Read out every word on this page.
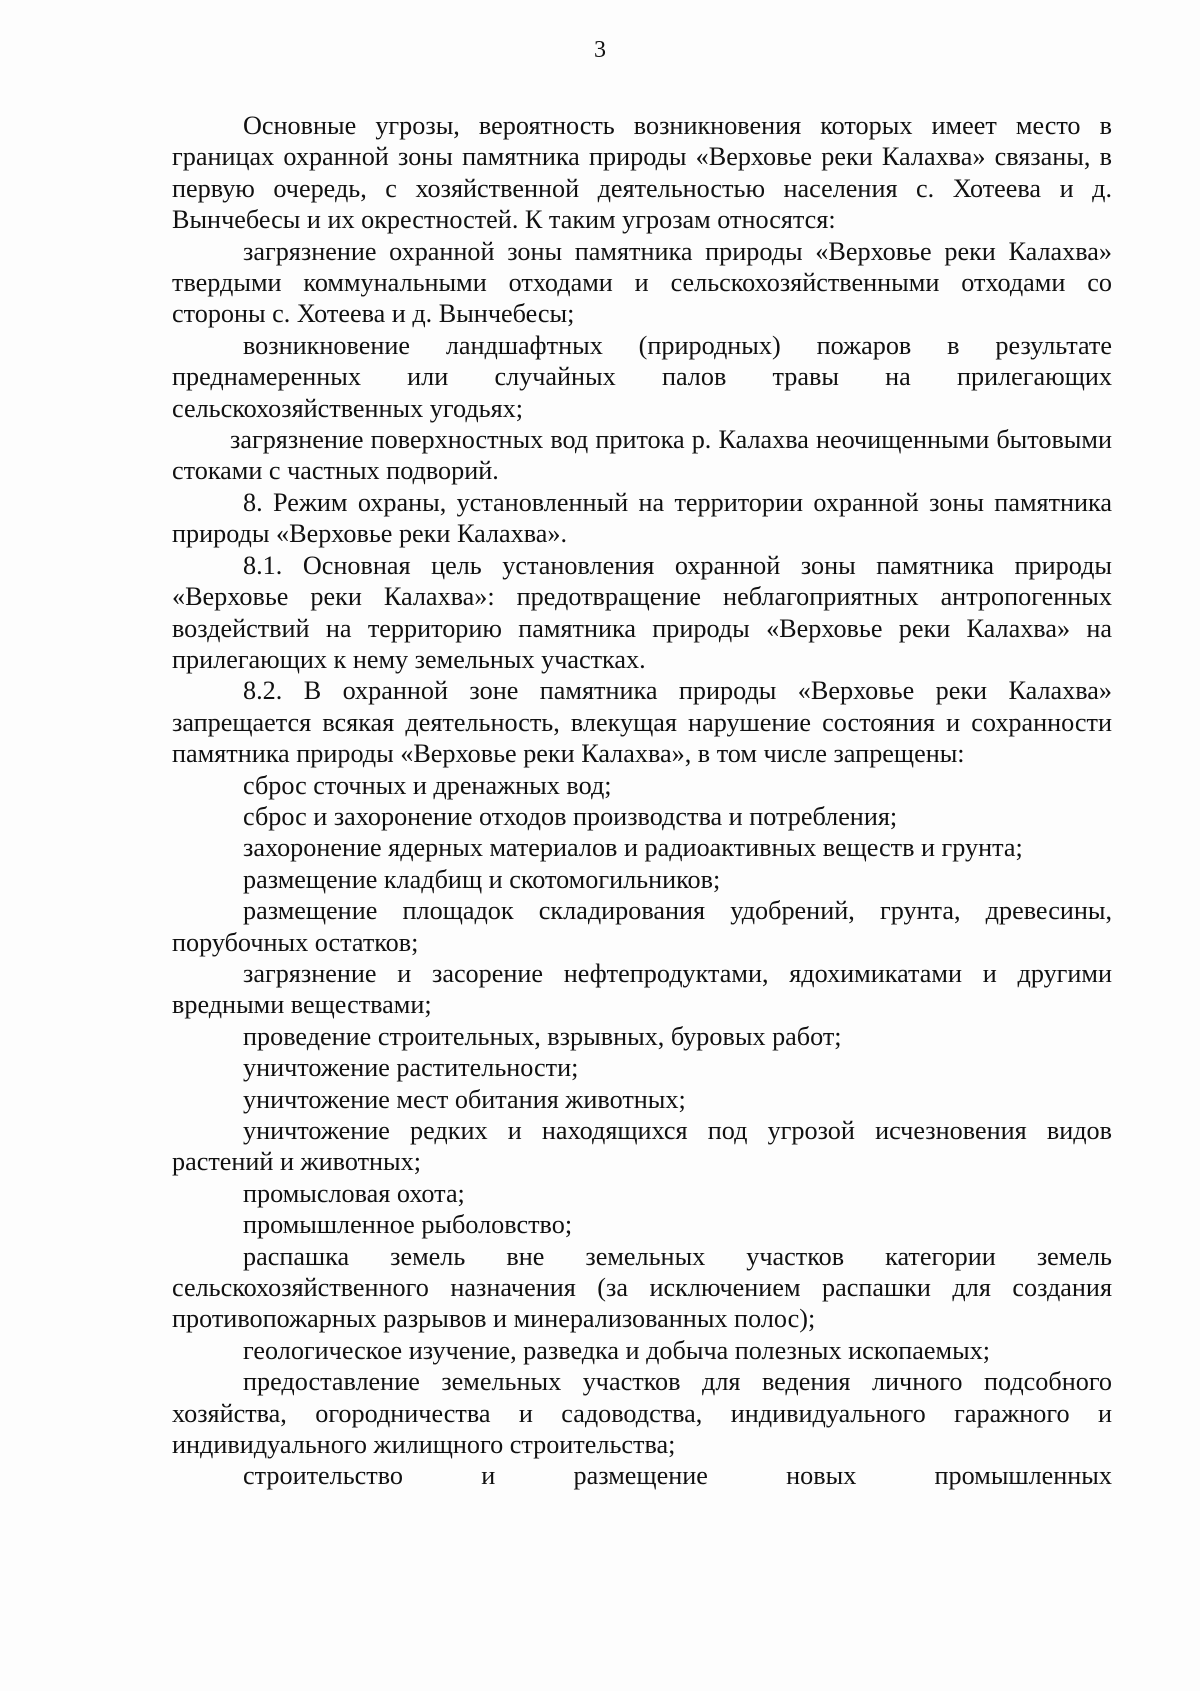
3

Основные угрозы, вероятность возникновения которых имеет место в границах охранной зоны памятника природы «Верховье реки Калахва» связаны, в первую очередь, с хозяйственной деятельностью населения с. Хотеева и д. Вынчебесы и их окрестностей. К таким угрозам относятся:

загрязнение охранной зоны памятника природы «Верховье реки Калахва» твердыми коммунальными отходами и сельскохозяйственными отходами со стороны с. Хотеева и д. Вынчебесы;

возникновение ландшафтных (природных) пожаров в результате преднамеренных или случайных палов травы на прилегающих сельскохозяйственных угодьях;

загрязнение поверхностных вод притока р. Калахва неочищенными бытовыми стоками с частных подворий.

8. Режим охраны, установленный на территории охранной зоны памятника природы «Верховье реки Калахва».

8.1. Основная цель установления охранной зоны памятника природы «Верховье реки Калахва»: предотвращение неблагоприятных антропогенных воздействий на территорию памятника природы «Верховье реки Калахва» на прилегающих к нему земельных участках.

8.2. В охранной зоне памятника природы «Верховье реки Калахва» запрещается всякая деятельность, влекущая нарушение состояния и сохранности памятника природы «Верховье реки Калахва», в том числе запрещены:

сброс сточных и дренажных вод;

сброс и захоронение отходов производства и потребления;

захоронение ядерных материалов и радиоактивных веществ и грунта;

размещение кладбищ и скотомогильников;

размещение площадок складирования удобрений, грунта, древесины, порубочных остатков;

загрязнение и засорение нефтепродуктами, ядохимикатами и другими вредными веществами;

проведение строительных, взрывных, буровых работ;

уничтожение растительности;

уничтожение мест обитания животных;

уничтожение редких и находящихся под угрозой исчезновения видов растений и животных;

промысловая охота;

промышленное рыболовство;

распашка земель вне земельных участков категории земель сельскохозяйственного назначения (за исключением распашки для создания противопожарных разрывов и минерализованных полос);

геологическое изучение, разведка и добыча полезных ископаемых;

предоставление земельных участков для ведения личного подсобного хозяйства, огородничества и садоводства, индивидуального гаражного и индивидуального жилищного строительства;

строительство и размещение новых промышленных
